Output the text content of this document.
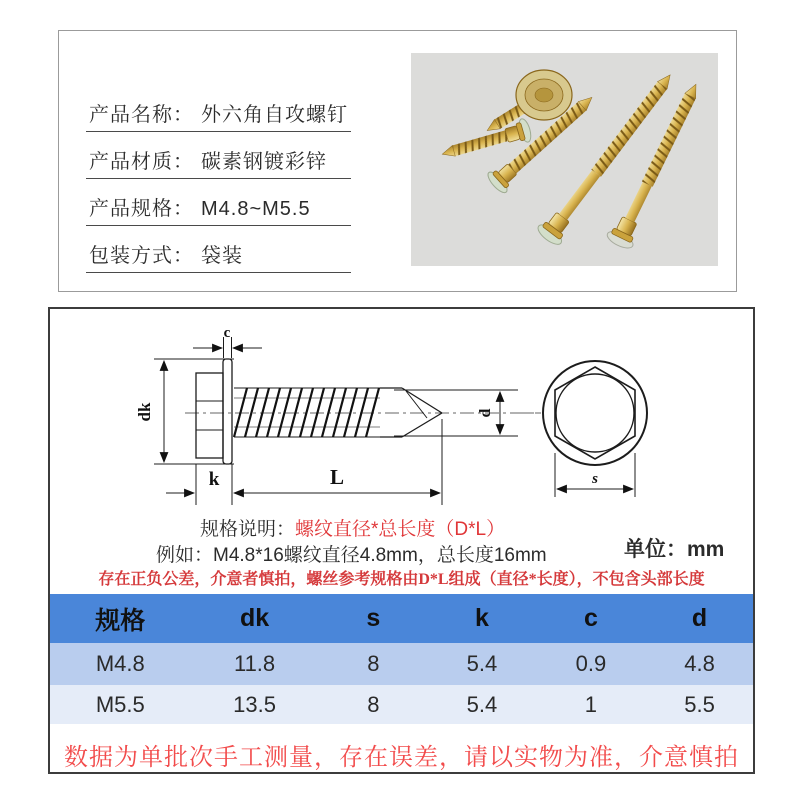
产品名称： 外六角自攻螺钉
产品材质： 碳素钢镀彩锌
产品规格： M4.8~M5.5
包装方式： 袋装
dk
c
d
k	L	s
规格说明：螺纹直径*总长度（D*L）
例如：M4.8*16螺纹直径4.8mm，总长度16mm	单位：mm
存在正负公差，介意者慎拍，螺丝参考规格由D*L组成（直径*长度），不包含头部长度
规格	dk	s	k	c	d
M4.8	11.8	8	5.4	0.9	4.8
M5.5	13.5	8	5.4	1	5.5
数据为单批次手工测量，存在误差，请以实物为准，介意慎拍
